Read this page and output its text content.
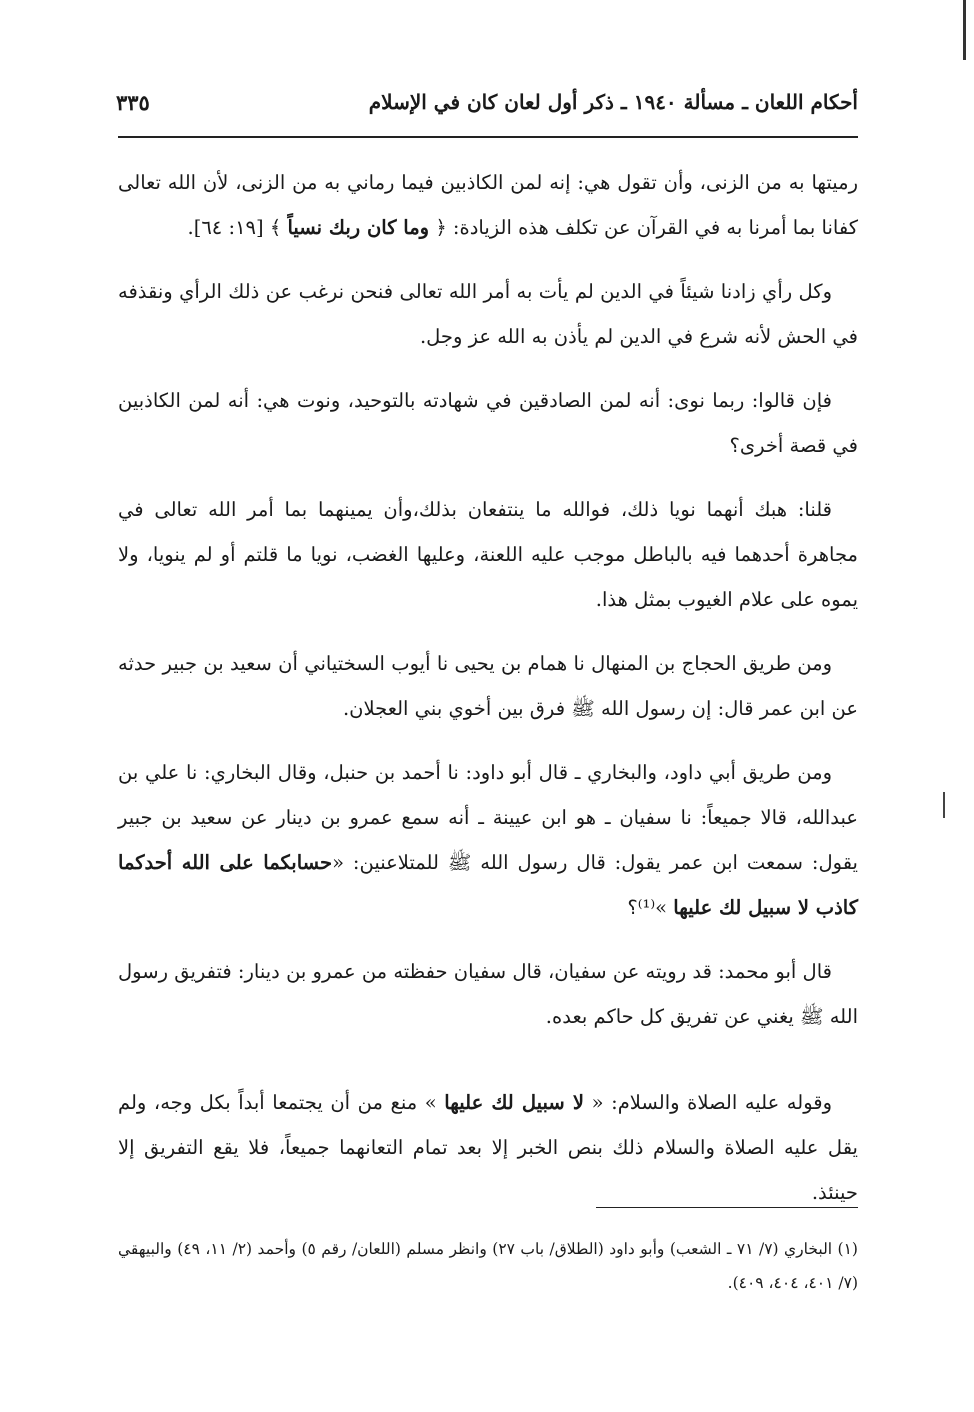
أحكام اللعان ـ مسألة ١٩٤٠ ـ ذكر أول لعان كان في الإسلام
٣٣٥

رميتها به من الزنى، وأن تقول هي: إنه لمن الكاذبين فيما رماني به من الزنى، لأن الله تعالى كفانا بما أمرنا به في القرآن عن تكلف هذه الزيادة: ﴿ وما كان ربك نسياً ﴾ [١٩: ٦٤].

وكل رأي زادنا شيئاً في الدين لم يأت به أمر الله تعالى فنحن نرغب عن ذلك الرأي ونقذفه في الحش لأنه شرع في الدين لم يأذن به الله عز وجل.

فإن قالوا: ربما نوى: أنه لمن الصادقين في شهادته بالتوحيد، ونوت هي: أنه لمن الكاذبين في قصة أخرى؟

قلنا: هبك أنهما نويا ذلك، فوالله ما ينتفعان بذلك،وأن يمينهما بما أمر الله تعالى في مجاهرة أحدهما فيه بالباطل موجب عليه اللعنة، وعليها الغضب، نويا ما قلتم أو لم ينويا، ولا يموه على علام الغيوب بمثل هذا.

ومن طريق الحجاج بن المنهال نا همام بن يحيى نا أيوب السختياني أن سعيد بن جبير حدثه عن ابن عمر قال: إن رسول الله ﷺ فرق بين أخوي بني العجلان.

ومن طريق أبي داود، والبخاري ـ قال أبو داود: نا أحمد بن حنبل، وقال البخاري: نا علي بن عبدالله، قالا جميعاً: نا سفيان ـ هو ابن عيينة ـ أنه سمع عمرو بن دينار عن سعيد بن جبير يقول: سمعت ابن عمر يقول: قال رسول الله ﷺ للمتلاعنين: «حسابكما على الله أحدكما كاذب لا سبيل لك عليها »⁽¹⁾؟

قال أبو محمد: قد رويته عن سفيان، قال سفيان حفظته من عمرو بن دينار: فتفريق رسول الله ﷺ يغني عن تفريق كل حاكم بعده.

وقوله عليه الصلاة والسلام: « لا سبيل لك عليها » منع من أن يجتمعا أبداً بكل وجه، ولم يقل عليه الصلاة والسلام ذلك بنص الخبر إلا بعد تمام التعانهما جميعاً، فلا يقع التفريق إلا حينئذ.

(١) البخاري (٧/ ٧١ ـ الشعب) وأبو داود (الطلاق/ باب ٢٧) وانظر مسلم (اللعان/ رقم ٥) وأحمد (٢/ ١١، ٤٩) والبيهقي (٧/ ٤٠١، ٤٠٤، ٤٠٩).
